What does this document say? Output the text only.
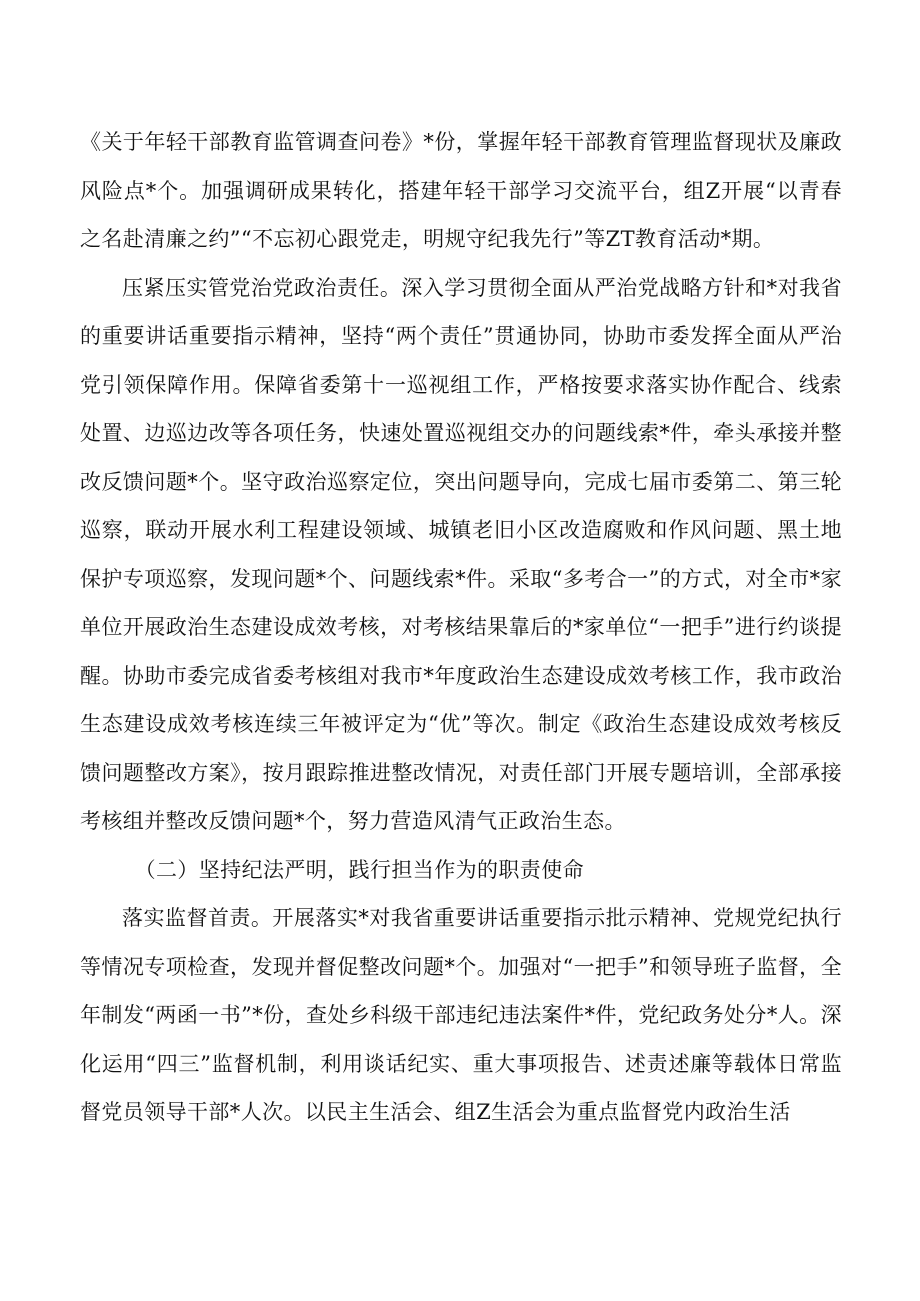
《关于年轻干部教育监管调查问卷》*份，掌握年轻干部教育管理监督现状及廉政风险点*个。加强调研成果转化，搭建年轻干部学习交流平台，组Z开展“以青春之名赴清廉之约”“不忘初心跟党走，明规守纪我先行”等ZT教育活动*期。

压紧压实管党治党政治责任。深入学习贯彻全面从严治党战略方针和*对我省的重要讲话重要指示精神，坚持“两个责任”贯通协同，协助市委发挥全面从严治党引领保障作用。保障省委第十一巡视组工作，严格按要求落实协作配合、线索处置、边巡边改等各项任务，快速处置巡视组交办的问题线索*件，牵头承接并整改反馈问题*个。坚守政治巡察定位，突出问题导向，完成七届市委第二、第三轮巡察，联动开展水利工程建设领域、城镇老旧小区改造腐败和作风问题、黑土地保护专项巡察，发现问题*个、问题线索*件。采取“多考合一”的方式，对全市*家单位开展政治生态建设成效考核，对考核结果靠后的*家单位“一把手”进行约谈提醒。协助市委完成省委考核组对我市*年度政治生态建设成效考核工作，我市政治生态建设成效考核连续三年被评定为“优”等次。制定《政治生态建设成效考核反馈问题整改方案》，按月跟踪推进整改情况，对责任部门开展专题培训，全部承接考核组并整改反馈问题*个，努力营造风清气正政治生态。

（二）坚持纪法严明，践行担当作为的职责使命

落实监督首责。开展落实*对我省重要讲话重要指示批示精神、党规党纪执行等情况专项检查，发现并督促整改问题*个。加强对“一把手”和领导班子监督，全年制发“两函一书”*份，查处乡科级干部违纪违法案件*件，党纪政务处分*人。深化运用“四三”监督机制，利用谈话纪实、重大事项报告、述责述廉等载体日常监督党员领导干部*人次。以民主生活会、组Z生活会为重点监督党内政治生活
